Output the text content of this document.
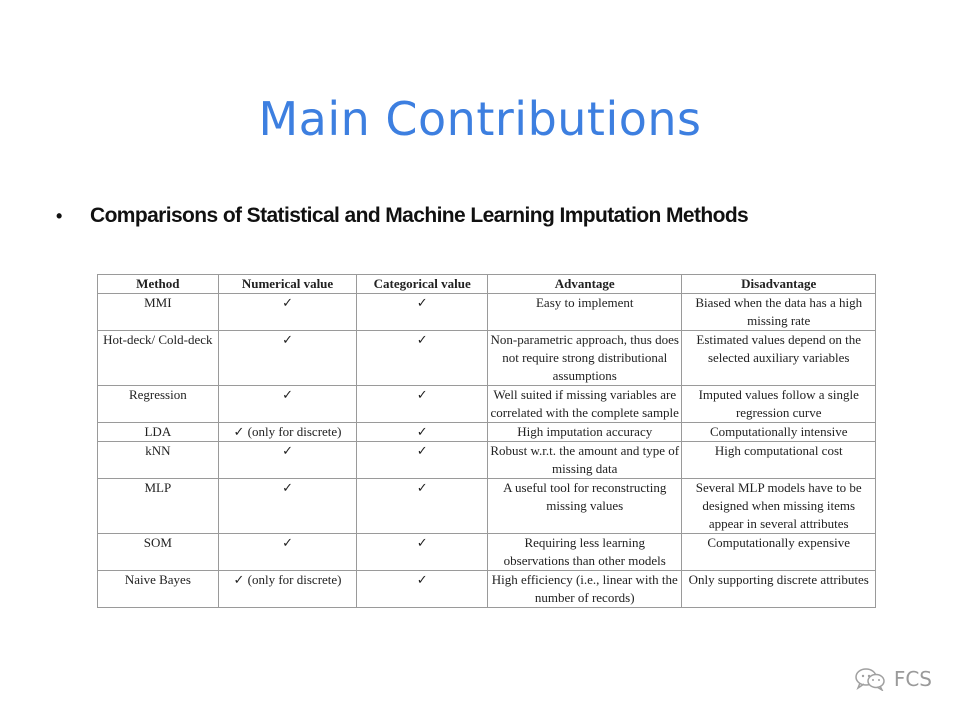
Main Contributions
•	Comparisons of Statistical and Machine Learning Imputation Methods
Method	Numerical value	Categorical value	Advantage	Disadvantage
MMI	✓	✓	Easy to implement	Biased when the data has a high missing rate
Hot-deck/ Cold-deck	✓	✓	Non-parametric approach, thus does not require strong distributional assumptions	Estimated values depend on the selected auxiliary variables
Regression	✓	✓	Well suited if missing variables are correlated with the complete sample	Imputed values follow a single regression curve
LDA	✓ (only for discrete)	✓	High imputation accuracy	Computationally intensive
kNN	✓	✓	Robust w.r.t. the amount and type of missing data	High computational cost
MLP	✓	✓	A useful tool for reconstructing missing values	Several MLP models have to be designed when missing items appear in several attributes
SOM	✓	✓	Requiring less learning observations than other models	Computationally expensive
Naive Bayes	✓ (only for discrete)	✓	High efficiency (i.e., linear with the number of records)	Only supporting discrete attributes
FCS
